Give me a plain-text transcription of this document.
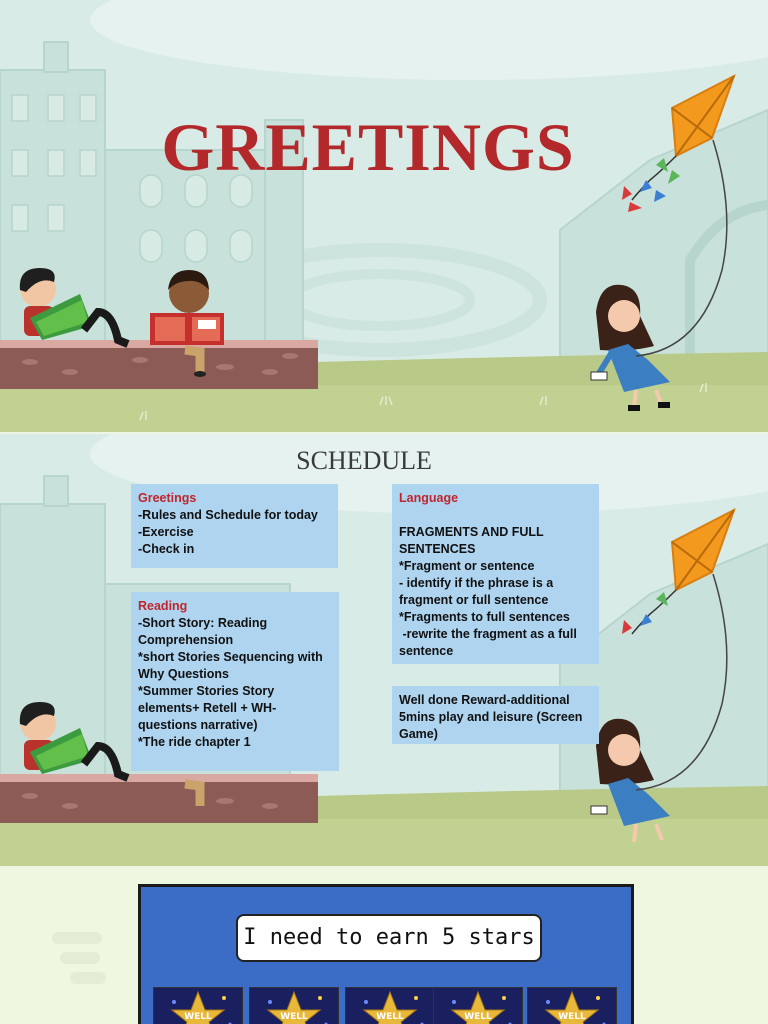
GREETINGS
SCHEDULE

Greetings

-Rules and Schedule for today

-Exercise

-Check in

Reading

-Short Story: Reading

Comprehension

*short Stories Sequencing with

Why Questions

*Summer Stories Story

elements+ Retell + WH-

questions narrative)

*The ride chapter 1

Language

FRAGMENTS AND FULL

SENTENCES

*Fragment or sentence

- identify if the phrase is a

fragment or full sentence

*Fragments to full sentences

-rewrite the fragment as a full

sentence

Well done Reward-additional

5mins play and leisure (Screen

Game)

I need to earn 5 stars
WELL	WELL	WELL	WELL	WELL
